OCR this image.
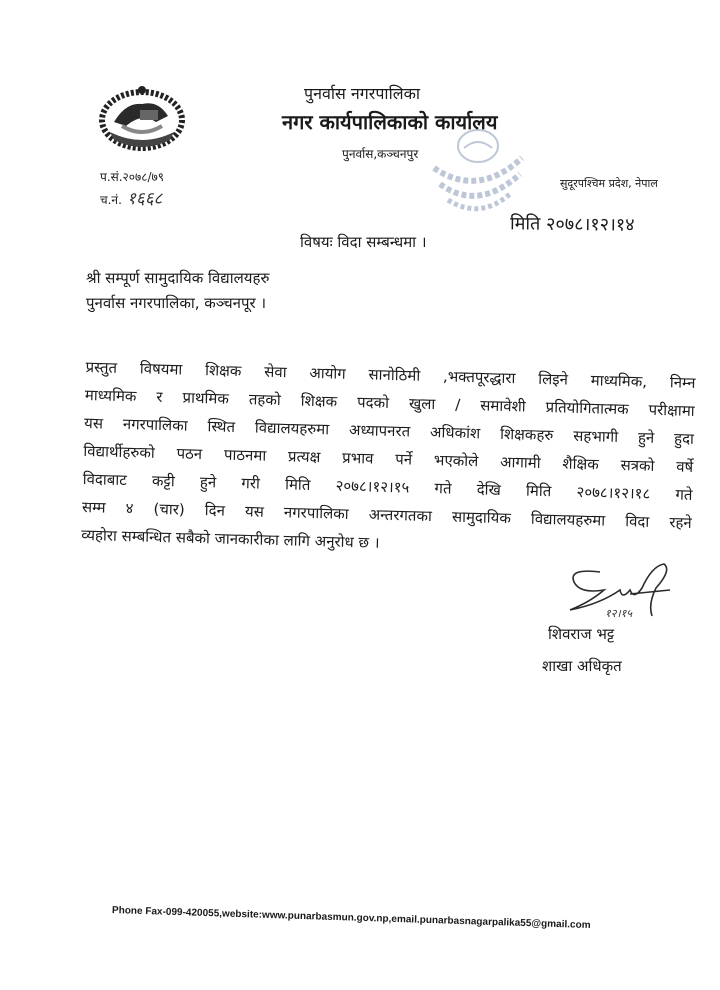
प.सं.२०७८/७९
च.नं. १६६८
पुनर्वास नगरपालिका
नगर कार्यपालिकाको कार्यालय
पुनर्वास,कञ्चनपुर
सुदूरपश्चिम प्रदेश, नेपाल
मिति २०७८।१२।१४
विषयः विदा सम्बन्धमा ।
श्री सम्पूर्ण सामुदायिक विद्यालयहरु
पुनर्वास नगरपालिका, कञ्चनपूर ।
प्रस्तुत विषयमा शिक्षक सेवा आयोग सानोठिमी ,भक्तपूरद्धारा लिइने माध्यमिक, निम्न
माध्यमिक र प्राथमिक तहको शिक्षक पदको खुला / समावेशी प्रतियोगितात्मक परीक्षामा
यस नगरपालिका स्थित विद्यालयहरुमा अध्यापनरत अधिकांश शिक्षकहरु सहभागी हुने हुदा
विद्यार्थीहरुको पठन पाठनमा प्रत्यक्ष प्रभाव पर्ने भएकोले आगामी शैक्षिक सत्रको वर्षे
विदाबाट कट्टी हुने गरी मिति २०७८।१२।१५ गते देखि मिति २०७८।१२।१८ गते
सम्म ४ (चार) दिन यस नगरपालिका अन्तरगतका सामुदायिक विद्यालयहरुमा विदा रहने
व्यहोरा सम्बन्धित सबैको जानकारीका लागि अनुरोध छ ।
१२।१५
शिवराज भट्ट
शाखा अधिकृत
Phone Fax-099-420055,website:www.punarbasmun.gov.np,email.punarbasnagarpalika55@gmail.com
